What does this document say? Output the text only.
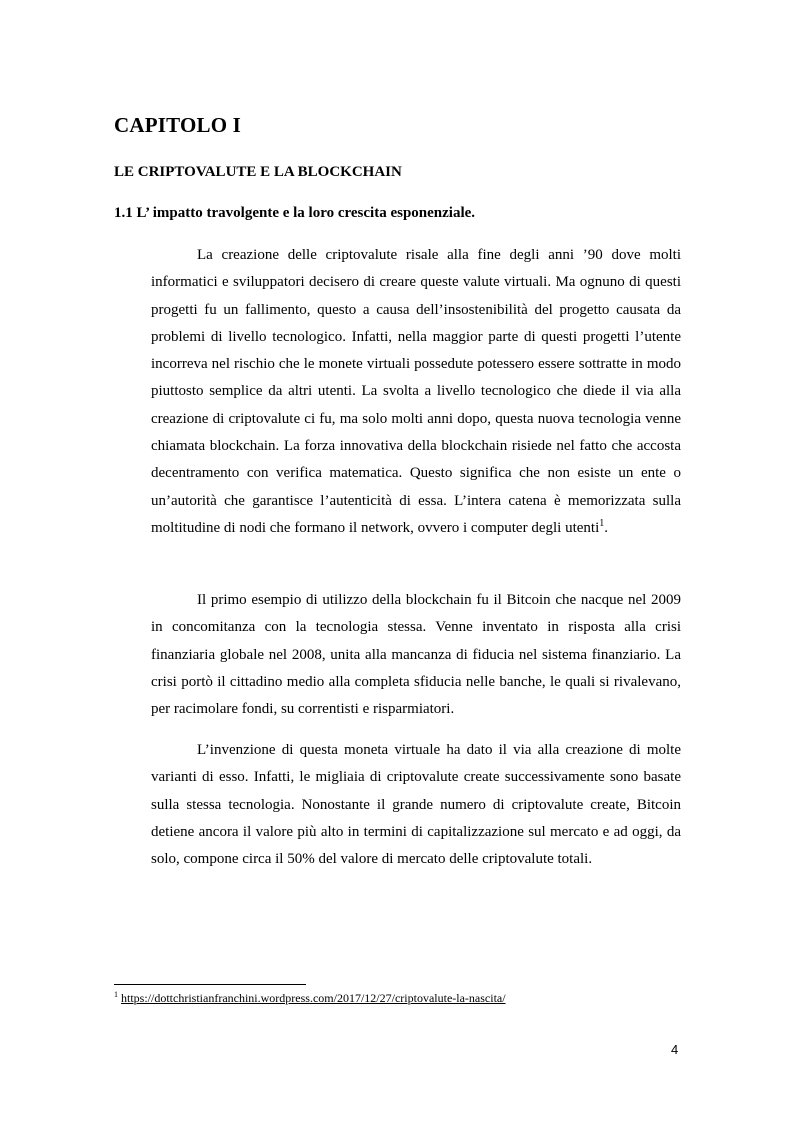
CAPITOLO I
LE CRIPTOVALUTE E LA BLOCKCHAIN
1.1 L’ impatto travolgente e la loro crescita esponenziale.

La creazione delle criptovalute risale alla fine degli anni ’90 dove molti informatici e sviluppatori decisero di creare queste valute virtuali. Ma ognuno di questi progetti fu un fallimento, questo a causa dell’insostenibilità del progetto causata da problemi di livello tecnologico. Infatti, nella maggior parte di questi progetti l’utente incorreva nel rischio che le monete virtuali possedute potessero essere sottratte in modo piuttosto semplice da altri utenti. La svolta a livello tecnologico che diede il via alla creazione di criptovalute ci fu, ma solo molti anni dopo, questa nuova tecnologia venne chiamata blockchain. La forza innovativa della blockchain risiede nel fatto che accosta decentramento con verifica matematica. Questo significa che non esiste un ente o un’autorità che garantisce l’autenticità di essa. L’intera catena è memorizzata sulla moltitudine di nodi che formano il network, ovvero i computer degli utenti$^1$.

Il primo esempio di utilizzo della blockchain fu il Bitcoin che nacque nel 2009 in concomitanza con la tecnologia stessa. Venne inventato in risposta alla crisi finanziaria globale nel 2008, unita alla mancanza di fiducia nel sistema finanziario. La crisi portò il cittadino medio alla completa sfiducia nelle banche, le quali si rivalevano, per racimolare fondi, su correntisti e risparmiatori.

L’invenzione di questa moneta virtuale ha dato il via alla creazione di molte varianti di esso. Infatti, le migliaia di criptovalute create successivamente sono basate sulla stessa tecnologia. Nonostante il grande numero di criptovalute create, Bitcoin detiene ancora il valore più alto in termini di capitalizzazione sul mercato e ad oggi, da solo, compone circa il 50% del valore di mercato delle criptovalute totali.

$^1$ https://dottchristianfranchini.wordpress.com/2017/12/27/criptovalute-la-nascita/

4
